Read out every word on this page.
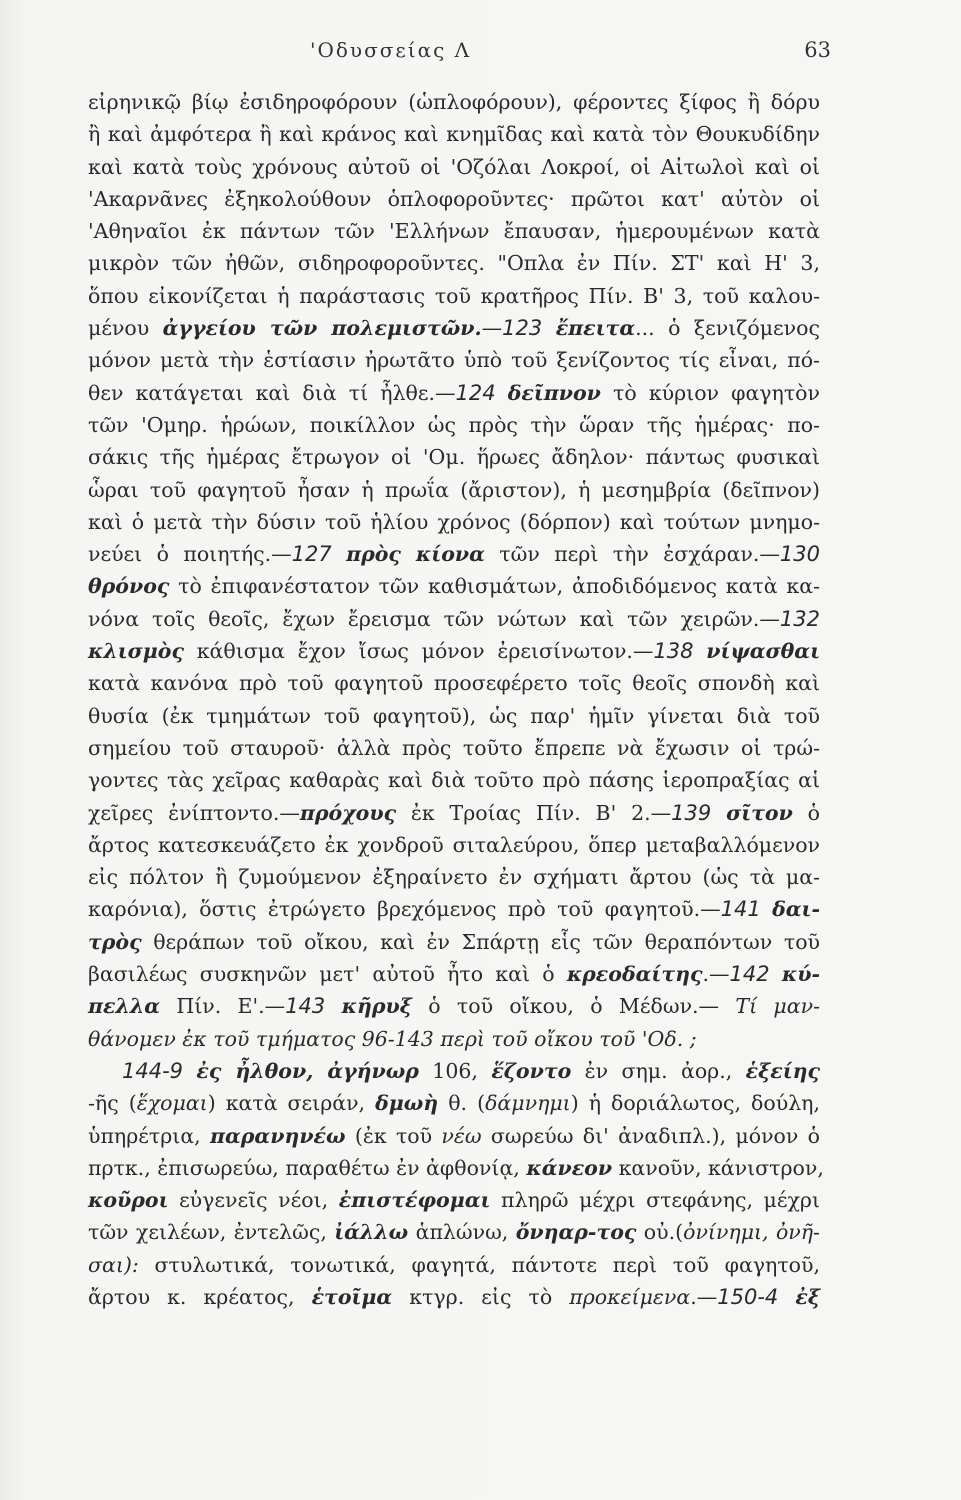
'Οδυσσείας Λ	63
εἰρηνικῷ βίῳ ἐσιδηροφόρουν (ὡπλοφόρουν), φέροντες ξίφος ἢ δόρυ
ἢ καὶ ἀμφότερα ἢ καὶ κράνος καὶ κνημῖδας καὶ κατὰ τὸν Θουκυδίδην
καὶ κατὰ τοὺς χρόνους αὐτοῦ οἱ 'Οζόλαι Λοκροί, οἱ Αἰτωλοὶ καὶ οἱ
'Ακαρνᾶνες ἐξηκολούθουν ὁπλοφοροῦντες· πρῶτοι κατ' αὐτὸν οἱ
'Αθηναῖοι ἐκ πάντων τῶν 'Ελλήνων ἔπαυσαν, ἡμερουμένων κατὰ
μικρὸν τῶν ἠθῶν, σιδηροφοροῦντες. "Οπλα ἐν Πίν. ΣΤ' καὶ Η' 3,
ὅπου εἰκονίζεται ἡ παράστασις τοῦ κρατῆρος Πίν. Β' 3, τοῦ καλου-
μένου ἀγγείου τῶν πολεμιστῶν.—123 ἔπειτα... ὁ ξενιζόμενος
μόνον μετὰ τὴν ἑστίασιν ἠρωτᾶτο ὑπὸ τοῦ ξενίζοντος τίς εἶναι, πό-
θεν κατάγεται καὶ διὰ τί ἦλθε.—124 δεῖπνον τὸ κύριον φαγητὸν
τῶν 'Ομηρ. ἡρώων, ποικίλλον ὡς πρὸς τὴν ὥραν τῆς ἡμέρας· πο-
σάκις τῆς ἡμέρας ἔτρωγον οἱ 'Ομ. ἥρωες ἄδηλον· πάντως φυσικαὶ
ὧραι τοῦ φαγητοῦ ἦσαν ἡ πρωΐα (ἄριστον), ἡ μεσημβρία (δεῖπνον)
καὶ ὁ μετὰ τὴν δύσιν τοῦ ἡλίου χρόνος (δόρπον) καὶ τούτων μνημο-
νεύει ὁ ποιητής.—127 πρὸς κίονα τῶν περὶ τὴν ἐσχάραν.—130
θρόνος τὸ ἐπιφανέστατον τῶν καθισμάτων, ἀποδιδόμενος κατὰ κα-
νόνα τοῖς θεοῖς, ἔχων ἔρεισμα τῶν νώτων καὶ τῶν χειρῶν.—132
κλισμὸς κάθισμα ἔχον ἴσως μόνον ἐρεισίνωτον.—138 νίψασθαι
κατὰ κανόνα πρὸ τοῦ φαγητοῦ προσεφέρετο τοῖς θεοῖς σπονδὴ καὶ
θυσία (ἐκ τμημάτων τοῦ φαγητοῦ), ὡς παρ' ἡμῖν γίνεται διὰ τοῦ
σημείου τοῦ σταυροῦ· ἀλλὰ πρὸς τοῦτο ἔπρεπε νὰ ἔχωσιν οἱ τρώ-
γοντες τὰς χεῖρας καθαρὰς καὶ διὰ τοῦτο πρὸ πάσης ἱεροπραξίας αἱ
χεῖρες ἐνίπτοντο.—πρόχους ἐκ Τροίας Πίν. Β' 2.—139 σῖτον ὁ
ἄρτος κατεσκευάζετο ἐκ χονδροῦ σιταλεύρου, ὅπερ μεταβαλλόμενον
εἰς πόλτον ἢ ζυμούμενον ἐξηραίνετο ἐν σχήματι ἄρτου (ὡς τὰ μα-
καρόνια), ὅστις ἐτρώγετο βρεχόμενος πρὸ τοῦ φαγητοῦ.—141 δαι-
τρὸς θεράπων τοῦ οἴκου, καὶ ἐν Σπάρτῃ εἷς τῶν θεραπόντων τοῦ
βασιλέως συσκηνῶν μετ' αὐτοῦ ἦτο καὶ ὁ κρεοδαίτης.—142 κύ-
πελλα Πίν. Ε'.—143 κῆρυξ ὁ τοῦ οἴκου, ὁ Μέδων.— Τί μαν-
θάνομεν ἐκ τοῦ τμήματος 96-143 περὶ τοῦ οἴκου τοῦ 'Οδ. ;
144-9 ἐς ἦλθον, ἀγήνωρ 106, ἕζοντο ἐν σημ. ἀορ., ἑξείης
-ῆς (ἕχομαι) κατὰ σειράν, δμωὴ θ. (δάμνημι) ἡ δοριάλωτος, δούλη,
ὑπηρέτρια, παρανηνέω (ἐκ τοῦ νέω σωρεύω δι' ἀναδιπλ.), μόνον ὁ
πρτκ., ἐπισωρεύω, παραθέτω ἐν ἀφθονίᾳ, κάνεον κανοῦν, κάνιστρον,
κοῦροι εὐγενεῖς νέοι, ἐπιστέφομαι πληρῶ μέχρι στεφάνης, μέχρι
τῶν χειλέων, ἐντελῶς, ἰάλλω ἁπλώνω, ὄνηαρ-τος οὐ.(ὀνίνημι, ὀνῆ-
σαι): στυλωτικά, τονωτικά, φαγητά, πάντοτε περὶ τοῦ φαγητοῦ,
ἄρτου κ. κρέατος, ἑτοῖμα κτγρ. εἰς τὸ προκείμενα.—150-4 ἐξ
